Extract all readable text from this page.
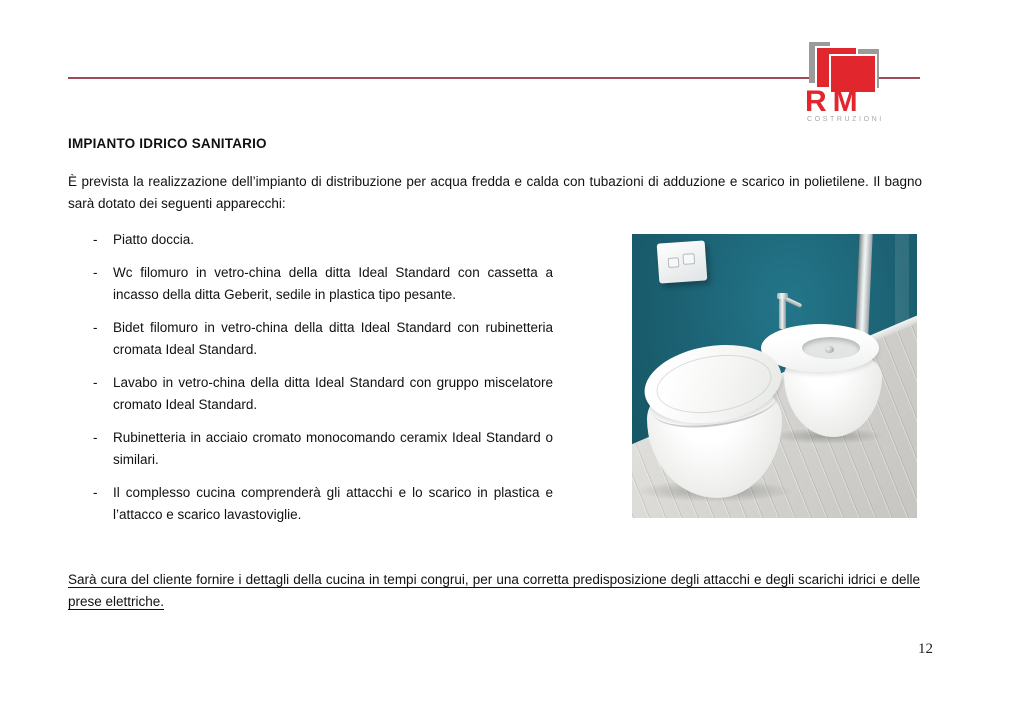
RM
COSTRUZIONI
IMPIANTO IDRICO SANITARIO

È prevista la realizzazione dell’impianto di distribuzione per acqua fredda e calda con tubazioni di adduzione e scarico in polietilene. Il bagno sarà dotato dei seguenti apparecchi:

-	Piatto doccia.
-	Wc filomuro in vetro-china della ditta Ideal Standard con cassetta a incasso della ditta Geberit, sedile in plastica tipo pesante.
-	Bidet filomuro in vetro-china della ditta Ideal Standard con rubinetteria cromata Ideal Standard.
-	Lavabo in vetro-china della ditta Ideal Standard con gruppo miscelatore cromato Ideal Standard.
-	Rubinetteria in acciaio cromato monocomando ceramix Ideal Standard o similari.
-	Il complesso cucina comprenderà gli attacchi e lo scarico in plastica e l’attacco e scarico lavastoviglie.

Sarà cura del cliente fornire i dettagli della cucina in tempi congrui, per una corretta predisposizione degli attacchi e degli scarichi idrici e delle prese elettriche.

12
